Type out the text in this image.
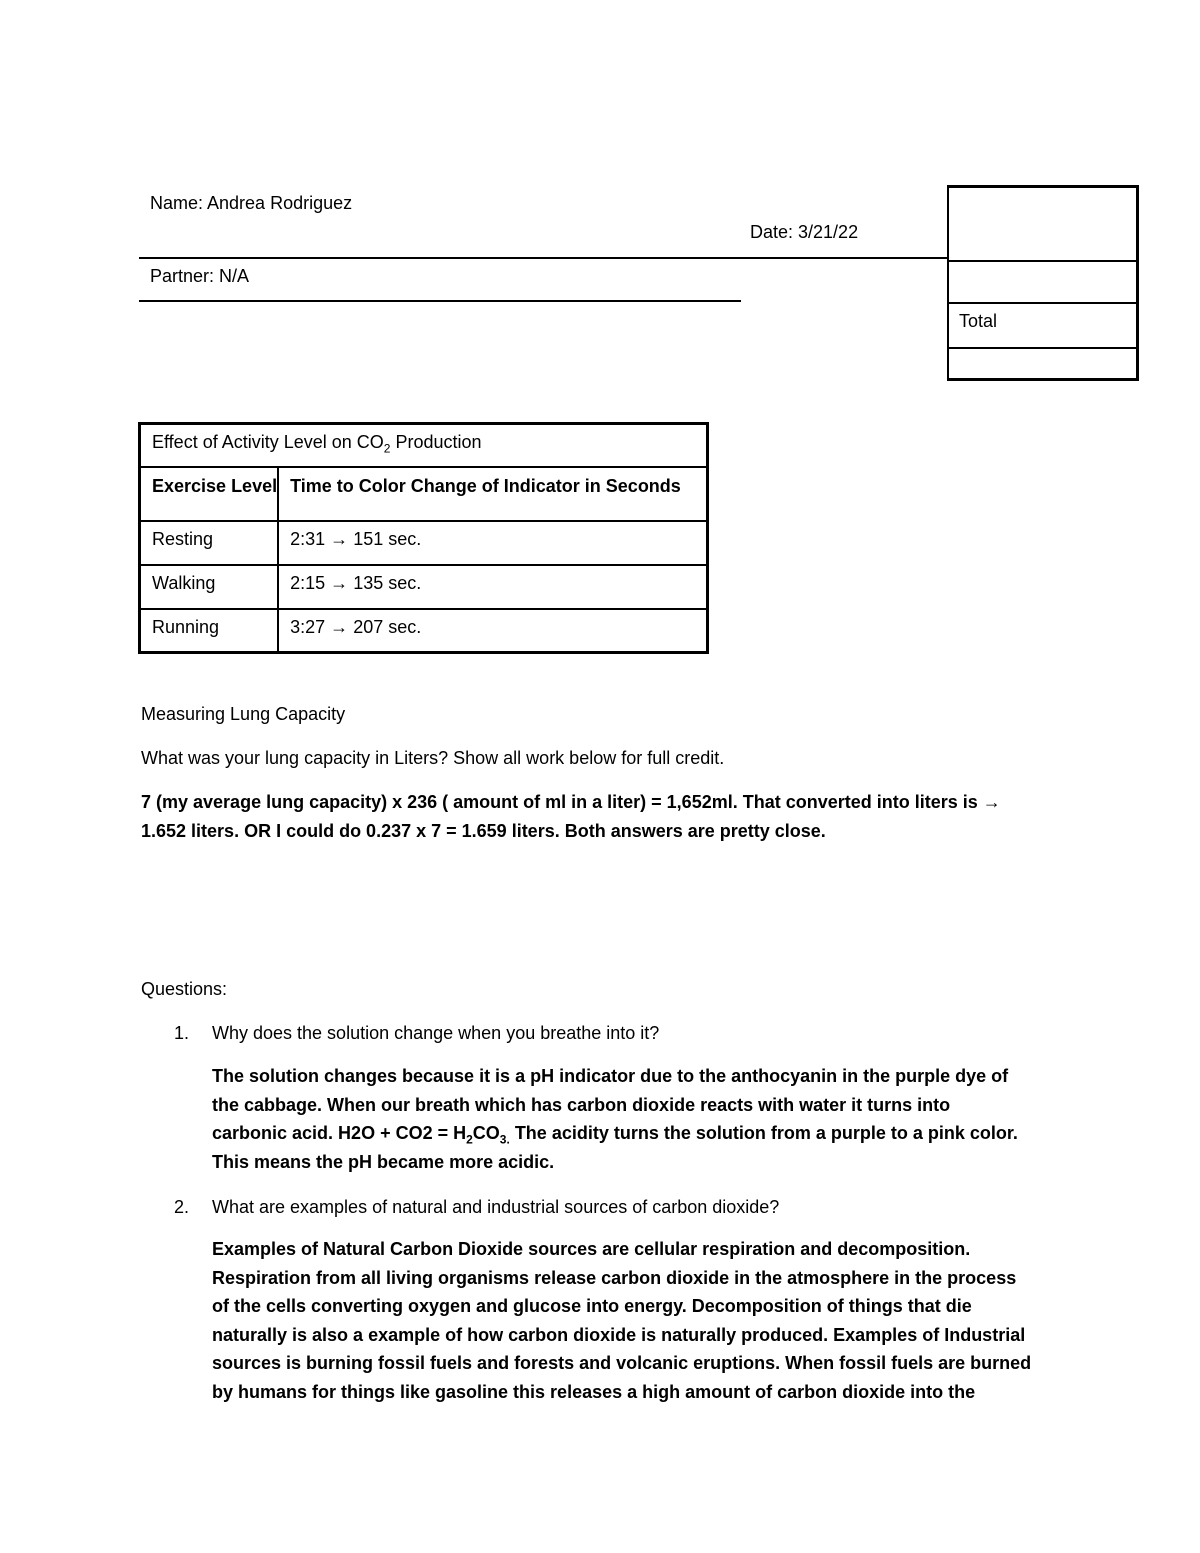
Name: Andrea Rodriguez
Date: 3/21/22
Partner: N/A
Total
Effect of Activity Level on $CO_2$ Production	
Exercise Level	Time to Color Change of Indicator in Seconds
Resting	2:31 → 151 sec.
Walking	2:15 → 135 sec.
Running	3:27 → 207 sec.
Measuring Lung Capacity
What was your lung capacity in Liters? Show all work below for full credit.
7 (my average lung capacity) x 236 ( amount of ml in a liter) = 1,652ml. That converted into liters is →
1.652 liters. OR I could do 0.237 x 7 = 1.659 liters. Both answers are pretty close.
Questions:
1. Why does the solution change when you breathe into it?
The solution changes because it is a pH indicator due to the anthocyanin in the purple dye of
the cabbage. When our breath which has carbon dioxide reacts with water it turns into
carbonic acid. $H2O + CO2 = H_2CO_{3.}$ The acidity turns the solution from a purple to a pink color.
This means the pH became more acidic.
2. What are examples of natural and industrial sources of carbon dioxide?
Examples of Natural Carbon Dioxide sources are cellular respiration and decomposition.
Respiration from all living organisms release carbon dioxide in the atmosphere in the process
of the cells converting oxygen and glucose into energy. Decomposition of things that die
naturally is also a example of how carbon dioxide is naturally produced. Examples of Industrial
sources is burning fossil fuels and forests and volcanic eruptions. When fossil fuels are burned
by humans for things like gasoline this releases a high amount of carbon dioxide into the
